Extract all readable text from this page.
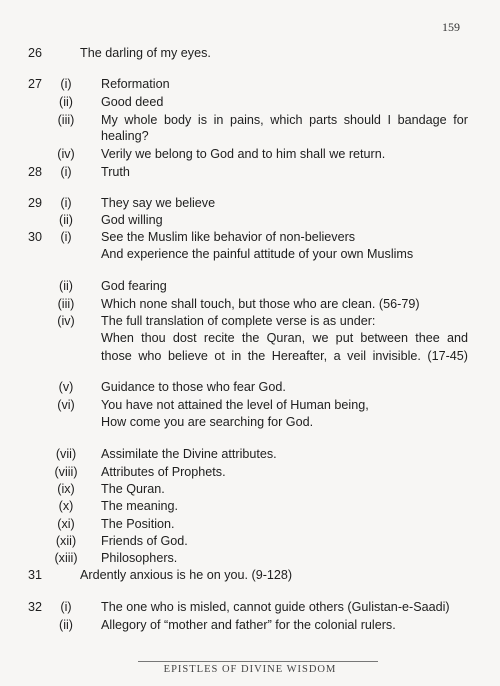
159
26	The darling of my eyes.
27	(i)	Reformation
(ii)	Good deed
(iii)	My whole body is in pains, which parts should I bandage for
healing?
(iv)	Verily we belong to God and to him shall we return.
28	(i)	Truth
29	(i)	They say we believe
(ii)	God willing
30	(i)	See the Muslim like behavior of non-believers
And experience the painful attitude of your own Muslims
(ii)	God fearing
(iii)	Which none shall touch, but those who are clean. (56-79)
(iv)	The full translation of complete verse is as under:
When thou dost recite the Quran, we put between thee and
those who believe ot in the Hereafter, a veil invisible. (17-45)
(v)	Guidance to those who fear God.
(vi)	You have not attained the level of Human being,
How come you are searching for God.
(vii)	Assimilate the Divine attributes.
(viii)	Attributes of Prophets.
(ix)	The Quran.
(x)	The meaning.
(xi)	The Position.
(xii)	Friends of God.
(xiii)	Philosophers.
31	Ardently anxious is he on you. (9-128)
32	(i)	The one who is misled, cannot guide others (Gulistan-e-Saadi)
(ii)	Allegory of “mother and father” for the colonial rulers.
EPISTLES OF DIVINE WISDOM
